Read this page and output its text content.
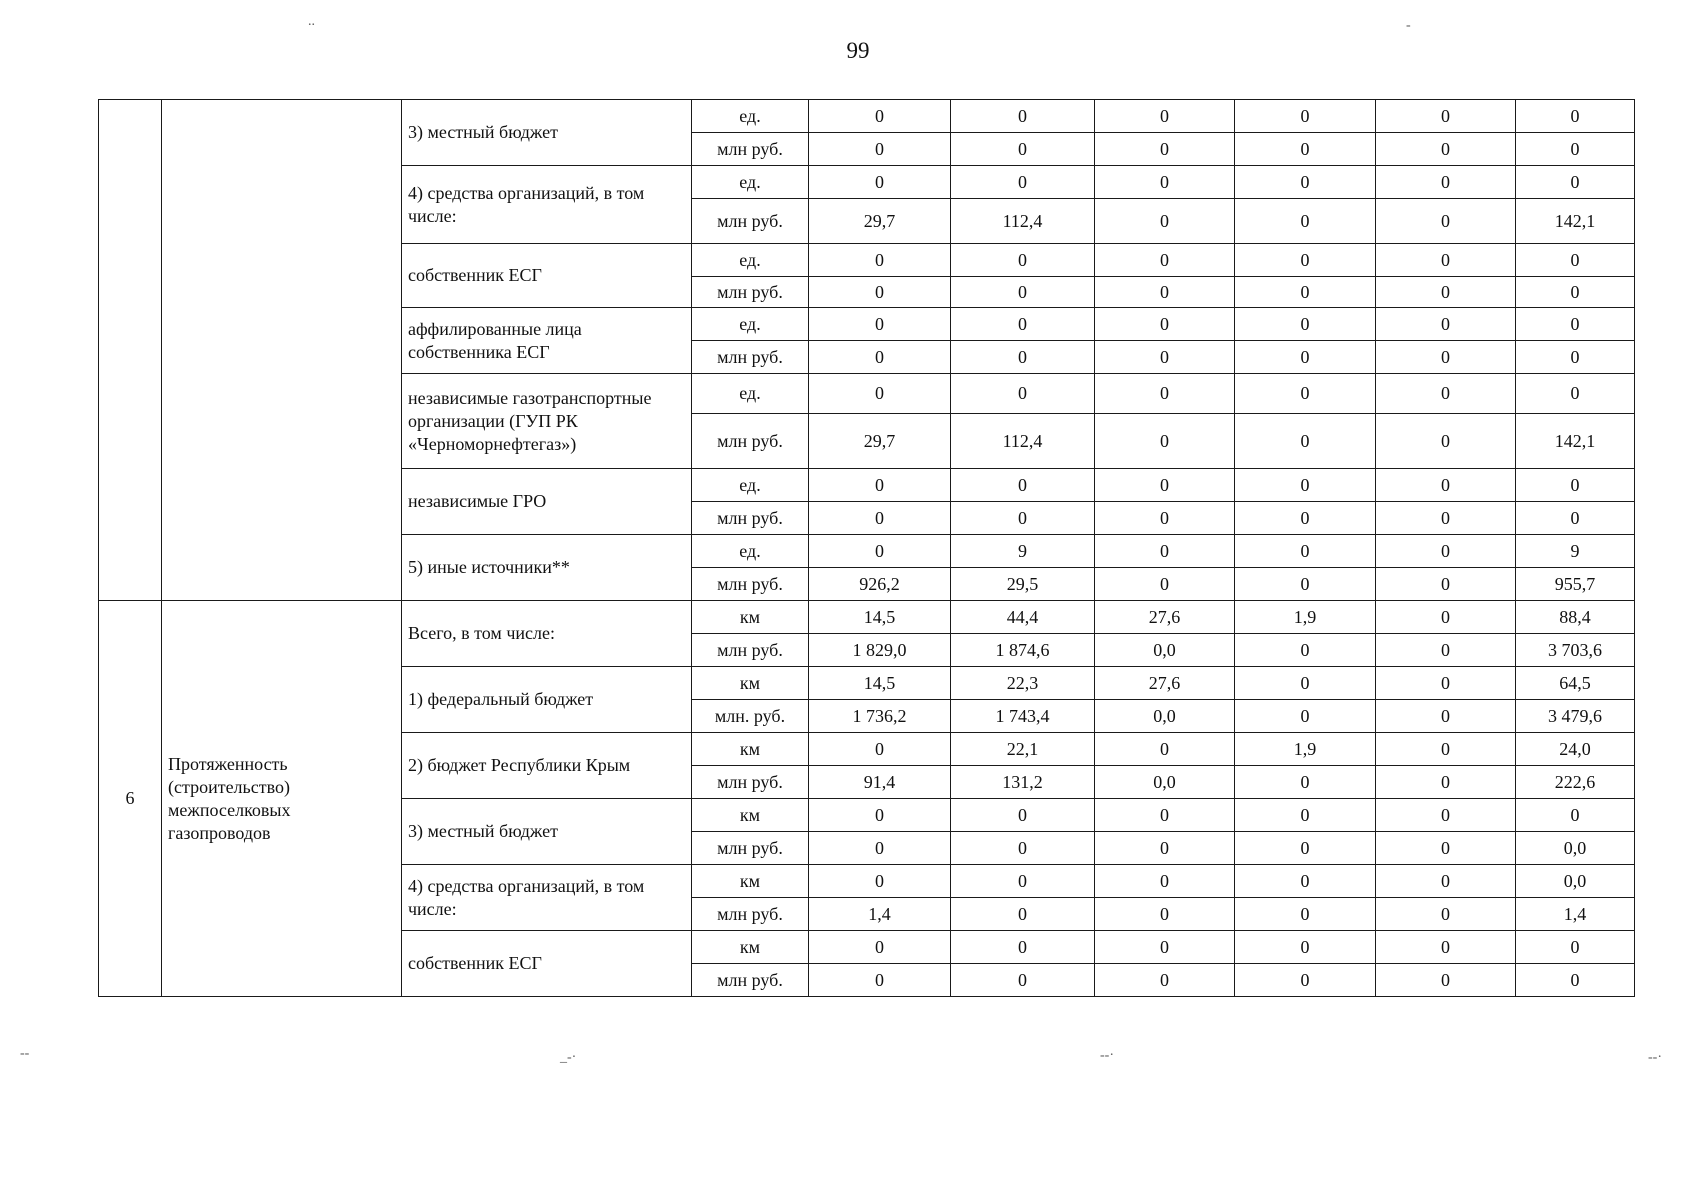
99
		3) местный бюджет	ед.	0	0	0	0	0	0
			млн руб.	0	0	0	0	0	0
		4) средства организаций, в том числе:	ед.	0	0	0	0	0	0
			млн руб.	29,7	112,4	0	0	0	142,1
		собственник ЕСГ	ед.	0	0	0	0	0	0
			млн руб.	0	0	0	0	0	0
		аффилированные лица собственника ЕСГ	ед.	0	0	0	0	0	0
			млн руб.	0	0	0	0	0	0
		независимые газотранспортные организации (ГУП РК «Черноморнефтегаз»)	ед.	0	0	0	0	0	0
			млн руб.	29,7	112,4	0	0	0	142,1
		независимые ГРО	ед.	0	0	0	0	0	0
			млн руб.	0	0	0	0	0	0
		5) иные источники**	ед.	0	9	0	0	0	9
			млн руб.	926,2	29,5	0	0	0	955,7
6	Протяженность (строительство) межпоселковых газопроводов	Всего, в том числе:	км	14,5	44,4	27,6	1,9	0	88,4
			млн руб.	1 829,0	1 874,6	0,0	0	0	3 703,6
		1) федеральный бюджет	км	14,5	22,3	27,6	0	0	64,5
			млн. руб.	1 736,2	1 743,4	0,0	0	0	3 479,6
		2) бюджет Республики Крым	км	0	22,1	0	1,9	0	24,0
			млн руб.	91,4	131,2	0,0	0	0	222,6
		3) местный бюджет	км	0	0	0	0	0	0
			млн руб.	0	0	0	0	0	0,0
		4) средства организаций, в том числе:	км	0	0	0	0	0	0,0
			млн руб.	1,4	0	0	0	0	1,4
		собственник ЕСГ	км	0	0	0	0	0	0
			млн руб.	0	0	0	0	0	0
..	-
--	_-·	--·	--·
